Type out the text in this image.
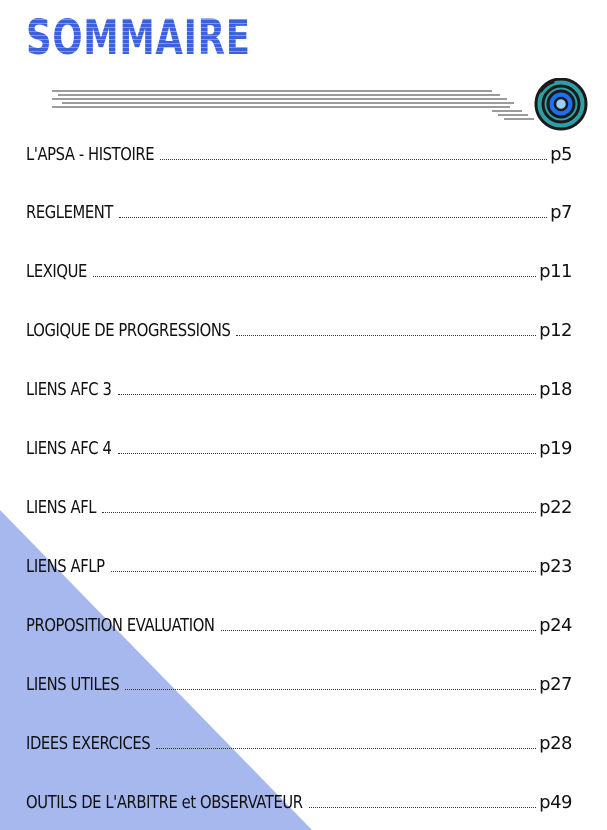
SOMMAIRE
L'APSA - HISTOIRE	p5
REGLEMENT	p7
LEXIQUE	p11
LOGIQUE DE PROGRESSIONS	p12
LIENS AFC 3	p18
LIENS AFC 4	p19
LIENS AFL	p22
LIENS AFLP	p23
PROPOSITION EVALUATION	p24
LIENS UTILES	p27
IDEES EXERCICES	p28
OUTILS DE L'ARBITRE et OBSERVATEUR	p49
